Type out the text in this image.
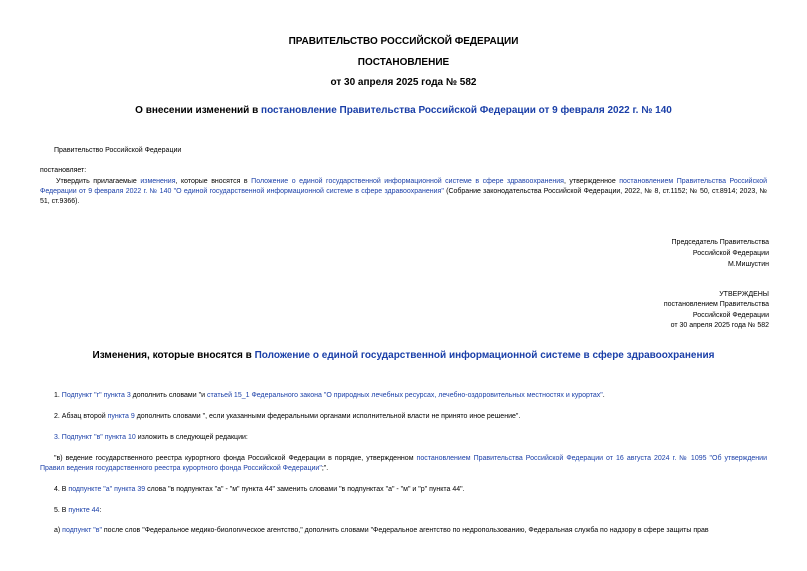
ПРАВИТЕЛЬСТВО РОССИЙСКОЙ ФЕДЕРАЦИИ
ПОСТАНОВЛЕНИЕ
от 30 апреля 2025 года № 582
О внесении изменений в постановление Правительства Российской Федерации от 9 февраля 2022 г. № 140
Правительство Российской Федерации
постановляет:
Утвердить прилагаемые изменения, которые вносятся в Положение о единой государственной информационной системе в сфере здравоохранения, утвержденное постановлением Правительства Российской Федерации от 9 февраля 2022 г. № 140 "О единой государственной информационной системе в сфере здравоохранения" (Собрание законодательства Российской Федерации, 2022, № 8, ст.1152; № 50, ст.8914; 2023, № 51, ст.9366).
Председатель Правительства
Российской Федерации
М.Мишустин
УТВЕРЖДЕНЫ
постановлением Правительства
Российской Федерации
от 30 апреля 2025 года № 582
Изменения, которые вносятся в Положение о единой государственной информационной системе в сфере здравоохранения
1. Подпункт "г" пункта 3 дополнить словами "и статьей 15_1 Федерального закона "О природных лечебных ресурсах, лечебно-оздоровительных местностях и курортах".
2. Абзац второй пункта 9 дополнить словами ", если указанными федеральными органами исполнительной власти не принято иное решение".
3. Подпункт "в" пункта 10 изложить в следующей редакции:
"в) ведение государственного реестра курортного фонда Российской Федерации в порядке, утвержденном постановлением Правительства Российской Федерации от 16 августа 2024 г. № 1095 "Об утверждении Правил ведения государственного реестра курортного фонда Российской Федерации";".
4. В подпункте "а" пункта 39 слова "в подпунктах "а" - "м" пункта 44" заменить словами "в подпунктах "а" - "м" и "р" пункта 44".
5. В пункте 44:
а) подпункт "в" после слов "Федеральное медико-биологическое агентство," дополнить словами "Федеральное агентство по недропользованию, Федеральная служба по надзору в сфере защиты прав
